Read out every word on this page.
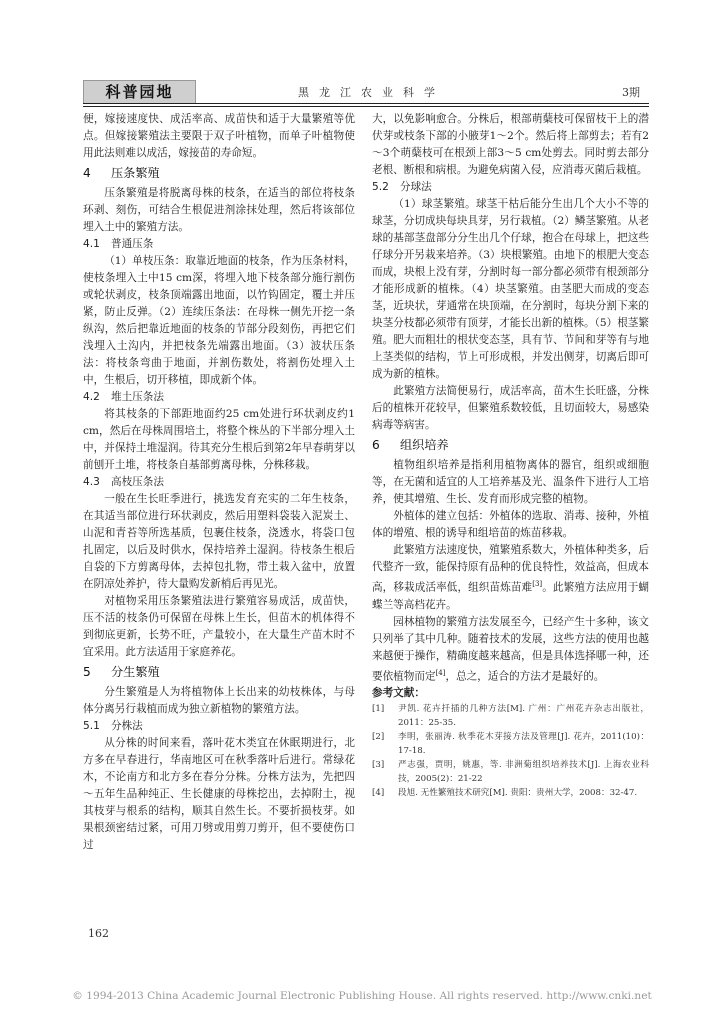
科普园地	黑龙江农业科学	3期

便，嫁接速度快、成活率高、成苗快和适于大量繁殖等优点。但嫁接繁殖法主要限于双子叶植物，而单子叶植物使用此法则难以成活，嫁接苗的寿命短。

4 压条繁殖

压条繁殖是将脱离母株的枝条，在适当的部位将枝条环剥、刻伤，可结合生根促进剂涂抹处理，然后将该部位埋入土中的繁殖方法。

4.1 普通压条

（1）单枝压条：取靠近地面的枝条，作为压条材料，使枝条埋入土中15 cm深，将埋入地下枝条部分施行割伤或轮状剥皮，枝条顶端露出地面，以竹钩固定，覆土并压紧，防止反弹。（2）连续压条法：在母株一侧先开挖一条纵沟，然后把靠近地面的枝条的节部分段刻伤，再把它们浅埋入土沟内，并把枝条先端露出地面。（3）波状压条法：将枝条弯曲于地面，并割伤数处，将割伤处埋入土中，生根后，切开移植，即成新个体。

4.2 堆土压条法

将其枝条的下部距地面约25 cm处进行环状剥皮约1 cm，然后在母株周围培土，将整个株丛的下半部分埋入土中，并保持土堆湿润。待其充分生根后到第2年早春萌芽以前刨开土堆，将枝条自基部剪离母株，分株移栽。

4.3 高枝压条法

一般在生长旺季进行，挑选发育充实的二年生枝条，在其适当部位进行环状剥皮，然后用塑料袋装入泥炭土、山泥和青苔等所选基质，包裹住枝条，浇透水，将袋口包扎固定，以后及时供水，保持培养土湿润。待枝条生根后自袋的下方剪离母体，去掉包扎物，带土栽入盆中，放置在阴凉处养护，待大量购发新梢后再见光。

对植物采用压条繁殖法进行繁殖容易成活，成苗快，压不活的枝条仍可保留在母株上生长，但苗木的机体得不到彻底更新，长势不旺，产量较小，在大量生产苗木时不宜采用。此方法适用于家庭养花。

5 分生繁殖

分生繁殖是人为将植物体上长出来的幼枝株体，与母体分离另行栽植而成为独立新植物的繁殖方法。

5.1 分株法

从分株的时间来看，落叶花木类宜在休眠期进行，北方多在早春进行，华南地区可在秋季落叶后进行。常绿花木，不论南方和北方多在春分分株。分株方法为，先把四～五年生品种纯正、生长健康的母株挖出，去掉附土，视其枝芽与根系的结构，顺其自然生长。不要折损枝芽。如果根颈密结过紧，可用刀劈或用剪刀剪开，但不要使伤口过

大，以免影响愈合。分株后，根部萌蘖枝可保留枝干上的潜伏芽或枝条下部的小腋芽1～2个。然后将上部剪去；若有2～3个萌蘖枝可在根颈上部3～5 cm处剪去。同时剪去部分老根、断根和病根。为避免病菌入侵，应消毒灭菌后栽植。

5.2 分球法

（1）球茎繁殖。球茎干枯后能分生出几个大小不等的球茎，分切成块每块具芽，另行栽植。（2）鳞茎繁殖。从老球的基部茎盘部分分生出几个仔球，抱合在母球上，把这些仔球分开另栽来培养。（3）块根繁殖。由地下的根肥大变态而成，块根上没有芽，分割时每一部分都必须带有根颈部分才能形成新的植株。（4）块茎繁殖。由茎肥大而成的变态茎，近块状，芽通常在块顶端，在分割时，每块分割下来的块茎分枝都必须带有顶芽，才能长出新的植株。（5）根茎繁殖。肥大而粗壮的根状变态茎，具有节、节间和芽等有与地上茎类似的结构，节上可形成根，并发出侧芽，切离后即可成为新的植株。

此繁殖方法简便易行，成活率高，苗木生长旺盛，分株后的植株开花较早，但繁殖系数较低，且切面较大，易感染病毒等病害。

6 组织培养

植物组织培养是指利用植物离体的器官，组织或细胞等，在无菌和适宜的人工培养基及光、温条件下进行人工培养，使其增殖、生长、发育而形成完整的植物。

外植体的建立包括：外植体的选取、消毒、接种，外植体的增殖、根的诱导和组培苗的炼苗移栽。

此繁殖方法速度快，殖繁殖系数大，外植体种类多，后代整齐一致，能保持原有品种的优良特性，效益高，但成本高，移栽成活率低，组织苗炼苗难[3]。此繁殖方法应用于蝴蝶兰等高档花卉。

园林植物的繁殖方法发展至今，已经产生十多种，该文只列举了其中几种。随着技术的发展，这些方法的使用也越来越便于操作，精确度越来越高，但是具体选择哪一种，还要依植物而定[4]，总之，适合的方法才是最好的。

参考文献：
[1]	尹凯. 花卉扦插的几种方法[M]. 广州：广州花卉杂志出版社，2011：25-35.
[2]	李明，张丽涛. 秋季花木芽接方法及管理[J]. 花卉，2011(10)：17-18.
[3]	严志强，贾明，姚惠，等. 非洲菊组织培养技术[J]. 上海农业科技，2005(2)：21-22
[4]	段旭. 无性繁殖技术研究[M]. 贵阳：贵州大学，2008：32-47.
162
© 1994-2013 China Academic Journal Electronic Publishing House. All rights reserved. http://www.cnki.net
